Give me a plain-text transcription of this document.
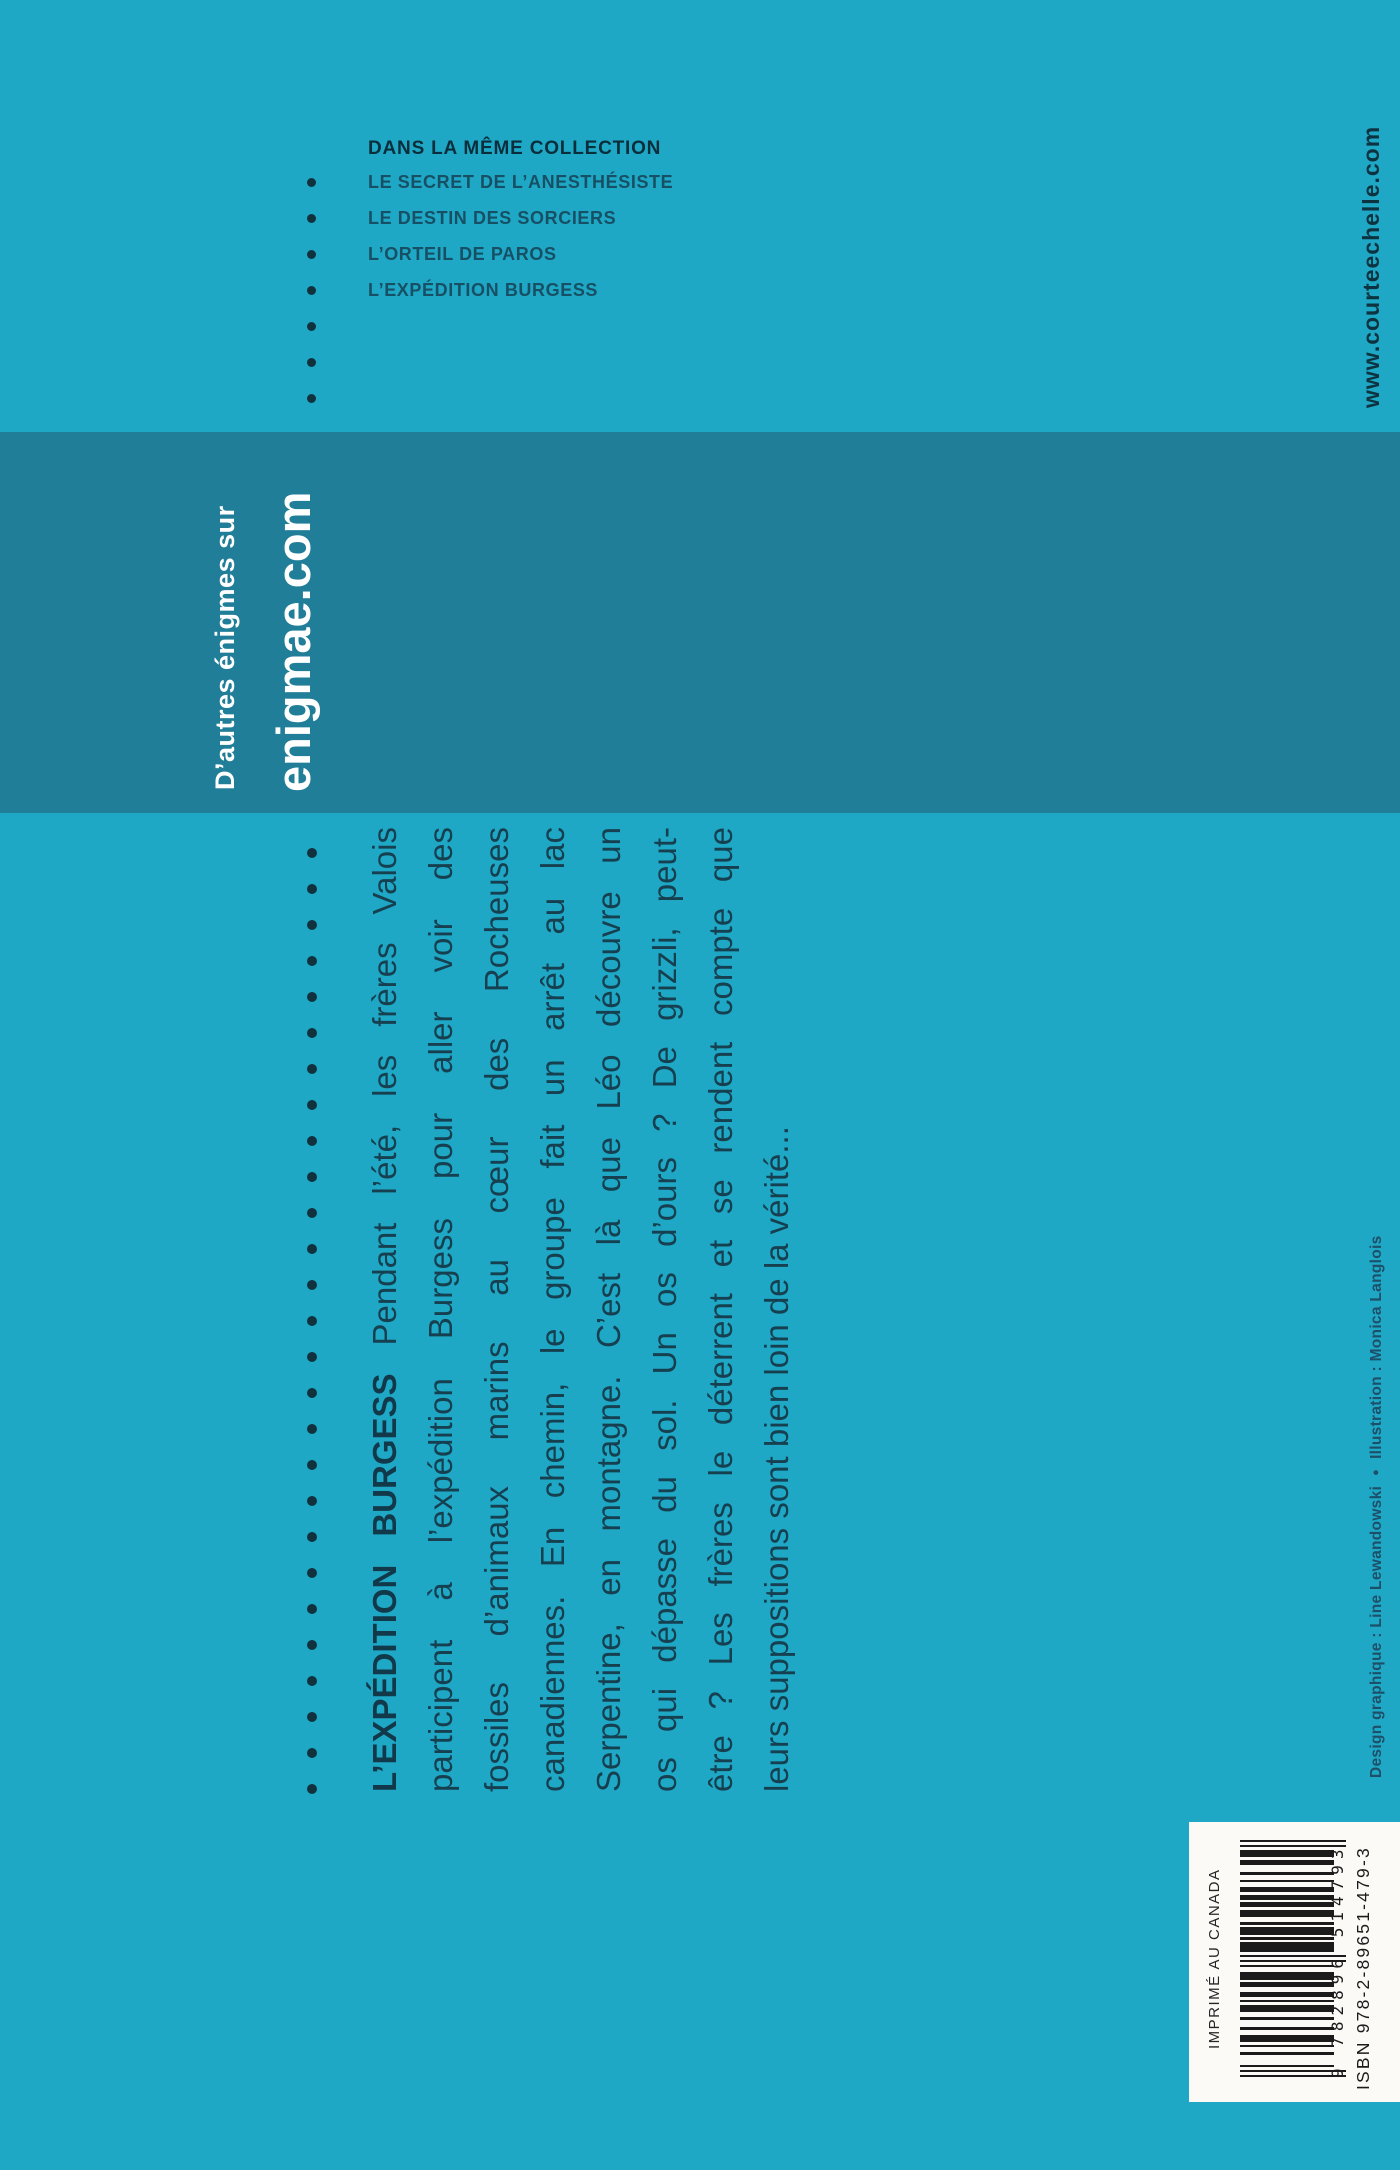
DANS LA MÊME COLLECTION
LE SECRET DE L’ANESTHÉSISTE
LE DESTIN DES SORCIERS
L’ORTEIL DE PAROS
L’EXPÉDITION BURGESS	www.courteechelle.com
D’autres énigmes sur enigmae.com
L’EXPÉDITION BURGESS Pendant l’été, les frères Valois participent à l’expédition Burgess pour aller voir des fossiles d’animaux marins au cœur des Rocheuses canadiennes. En chemin, le groupe fait un arrêt au lac Serpentine, en montagne. C’est là que Léo découvre un os qui dépasse du sol. Un os d’ours ? De grizzli, peut- être ? Les frères le déterrent et se rendent compte que leurs suppositions sont bien loin de la vérité...	Design graphique : Line Lewandowski●Illustration : Monica Langlois
IMPRIMÉ AU CANADA	9 782896 514793 ISBN 978-2-89651-479-3
